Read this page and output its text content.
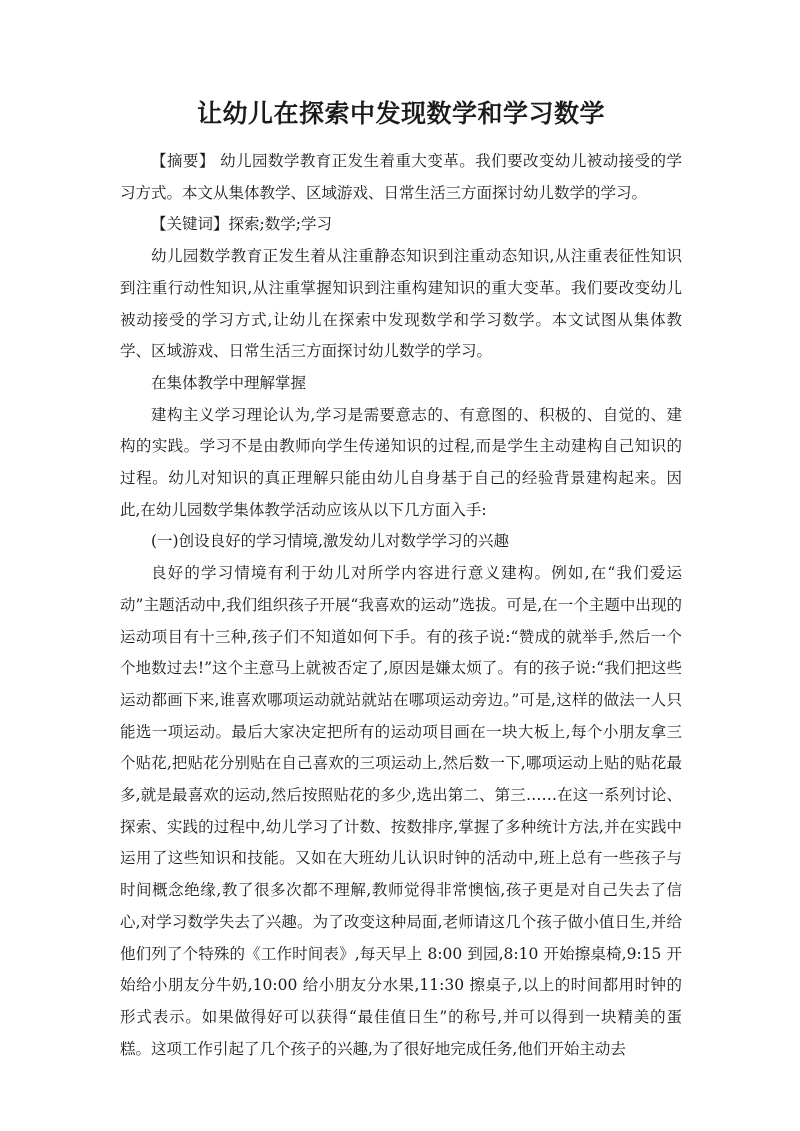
让幼儿在探索中发现数学和学习数学

【摘要】 幼儿园数学教育正发生着重大变革。我们要改变幼儿被动接受的学习方式。本文从集体教学、区域游戏、日常生活三方面探讨幼儿数学的学习。

【关键词】探索;数学;学习

幼儿园数学教育正发生着从注重静态知识到注重动态知识,从注重表征性知识到注重行动性知识,从注重掌握知识到注重构建知识的重大变革。我们要改变幼儿被动接受的学习方式,让幼儿在探索中发现数学和学习数学。本文试图从集体教学、区域游戏、日常生活三方面探讨幼儿数学的学习。

在集体教学中理解掌握

建构主义学习理论认为,学习是需要意志的、有意图的、积极的、自觉的、建构的实践。学习不是由教师向学生传递知识的过程,而是学生主动建构自己知识的过程。幼儿对知识的真正理解只能由幼儿自身基于自己的经验背景建构起来。因此,在幼儿园数学集体教学活动应该从以下几方面入手:

(一)创设良好的学习情境,激发幼儿对数学学习的兴趣

良好的学习情境有利于幼儿对所学内容进行意义建构。例如,在“我们爱运动”主题活动中,我们组织孩子开展“我喜欢的运动”选拔。可是,在一个主题中出现的运动项目有十三种,孩子们不知道如何下手。有的孩子说:“赞成的就举手,然后一个个地数过去!”这个主意马上就被否定了,原因是嫌太烦了。有的孩子说:“我们把这些运动都画下来,谁喜欢哪项运动就站就站在哪项运动旁边。”可是,这样的做法一人只能选一项运动。最后大家决定把所有的运动项目画在一块大板上,每个小朋友拿三个贴花,把贴花分别贴在自己喜欢的三项运动上,然后数一下,哪项运动上贴的贴花最多,就是最喜欢的运动,然后按照贴花的多少,选出第二、第三……在这一系列讨论、探索、实践的过程中,幼儿学习了计数、按数排序,掌握了多种统计方法,并在实践中运用了这些知识和技能。又如在大班幼儿认识时钟的活动中,班上总有一些孩子与时间概念绝缘,教了很多次都不理解,教师觉得非常懊恼,孩子更是对自己失去了信心,对学习数学失去了兴趣。为了改变这种局面,老师请这几个孩子做小值日生,并给他们列了个特殊的《工作时间表》,每天早上 8:00 到园,8:10 开始擦桌椅,9:15 开始给小朋友分牛奶,10:00 给小朋友分水果,11:30 擦桌子,以上的时间都用时钟的形式表示。如果做得好可以获得“最佳值日生”的称号,并可以得到一块精美的蛋糕。这项工作引起了几个孩子的兴趣,为了很好地完成任务,他们开始主动去
